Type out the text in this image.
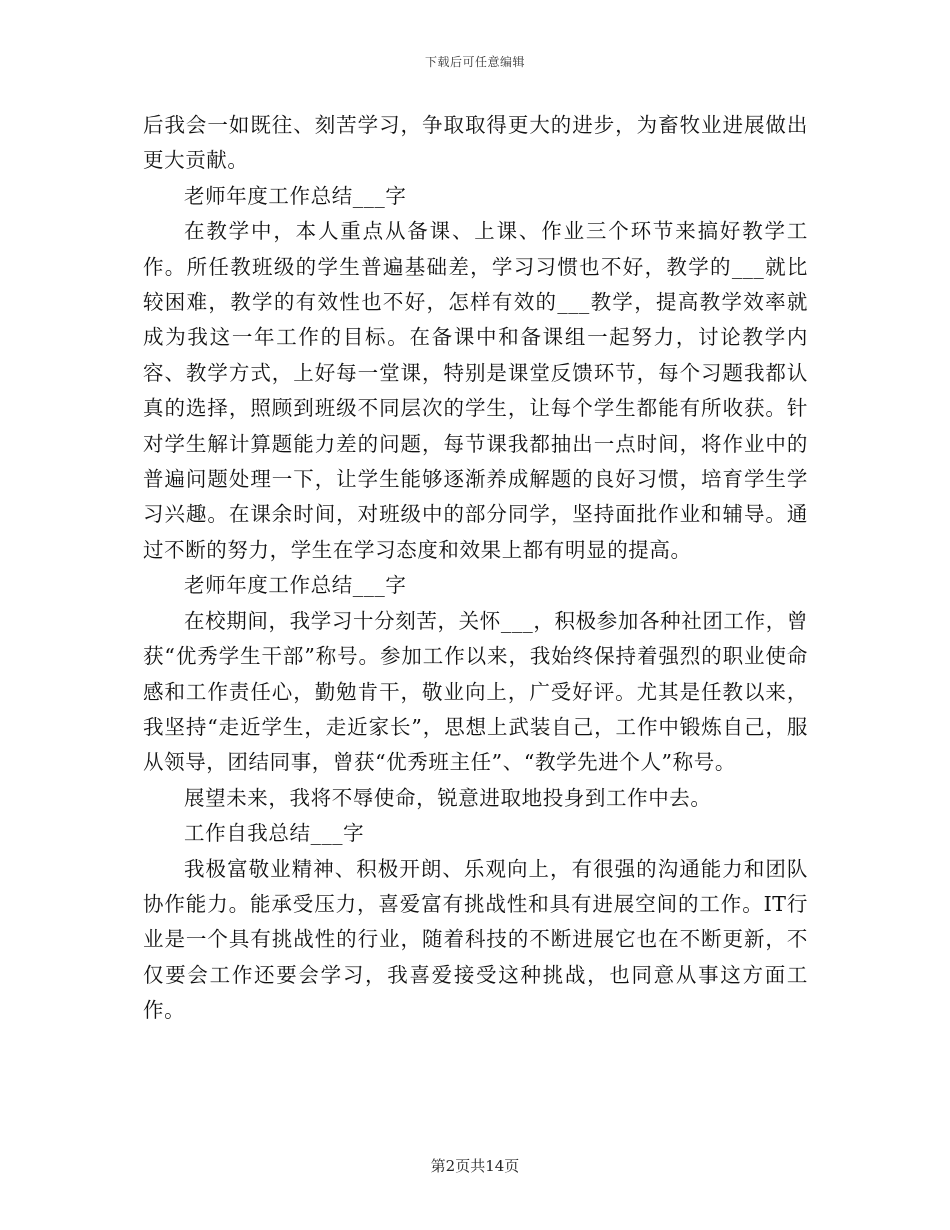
下载后可任意编辑

后我会一如既往、刻苦学习，争取取得更大的进步，为畜牧业进展做出更大贡献。

老师年度工作总结___字

在教学中，本人重点从备课、上课、作业三个环节来搞好教学工作。所任教班级的学生普遍基础差，学习习惯也不好，教学的___就比较困难，教学的有效性也不好，怎样有效的___教学，提高教学效率就成为我这一年工作的目标。在备课中和备课组一起努力，讨论教学内容、教学方式，上好每一堂课，特别是课堂反馈环节，每个习题我都认真的选择，照顾到班级不同层次的学生，让每个学生都能有所收获。针对学生解计算题能力差的问题，每节课我都抽出一点时间，将作业中的普遍问题处理一下，让学生能够逐渐养成解题的良好习惯，培育学生学习兴趣。在课余时间，对班级中的部分同学，坚持面批作业和辅导。通过不断的努力，学生在学习态度和效果上都有明显的提高。

老师年度工作总结___字

在校期间，我学习十分刻苦，关怀___，积极参加各种社团工作，曾获“优秀学生干部”称号。参加工作以来，我始终保持着强烈的职业使命感和工作责任心，勤勉肯干，敬业向上，广受好评。尤其是任教以来，我坚持“走近学生，走近家长”，思想上武装自己，工作中锻炼自己，服从领导，团结同事，曾获“优秀班主任”、“教学先进个人”称号。

展望未来，我将不辱使命，锐意进取地投身到工作中去。

工作自我总结___字

我极富敬业精神、积极开朗、乐观向上，有很强的沟通能力和团队协作能力。能承受压力，喜爱富有挑战性和具有进展空间的工作。IT行业是一个具有挑战性的行业，随着科技的不断进展它也在不断更新，不仅要会工作还要会学习，我喜爱接受这种挑战，也同意从事这方面工作。

第2页共14页
